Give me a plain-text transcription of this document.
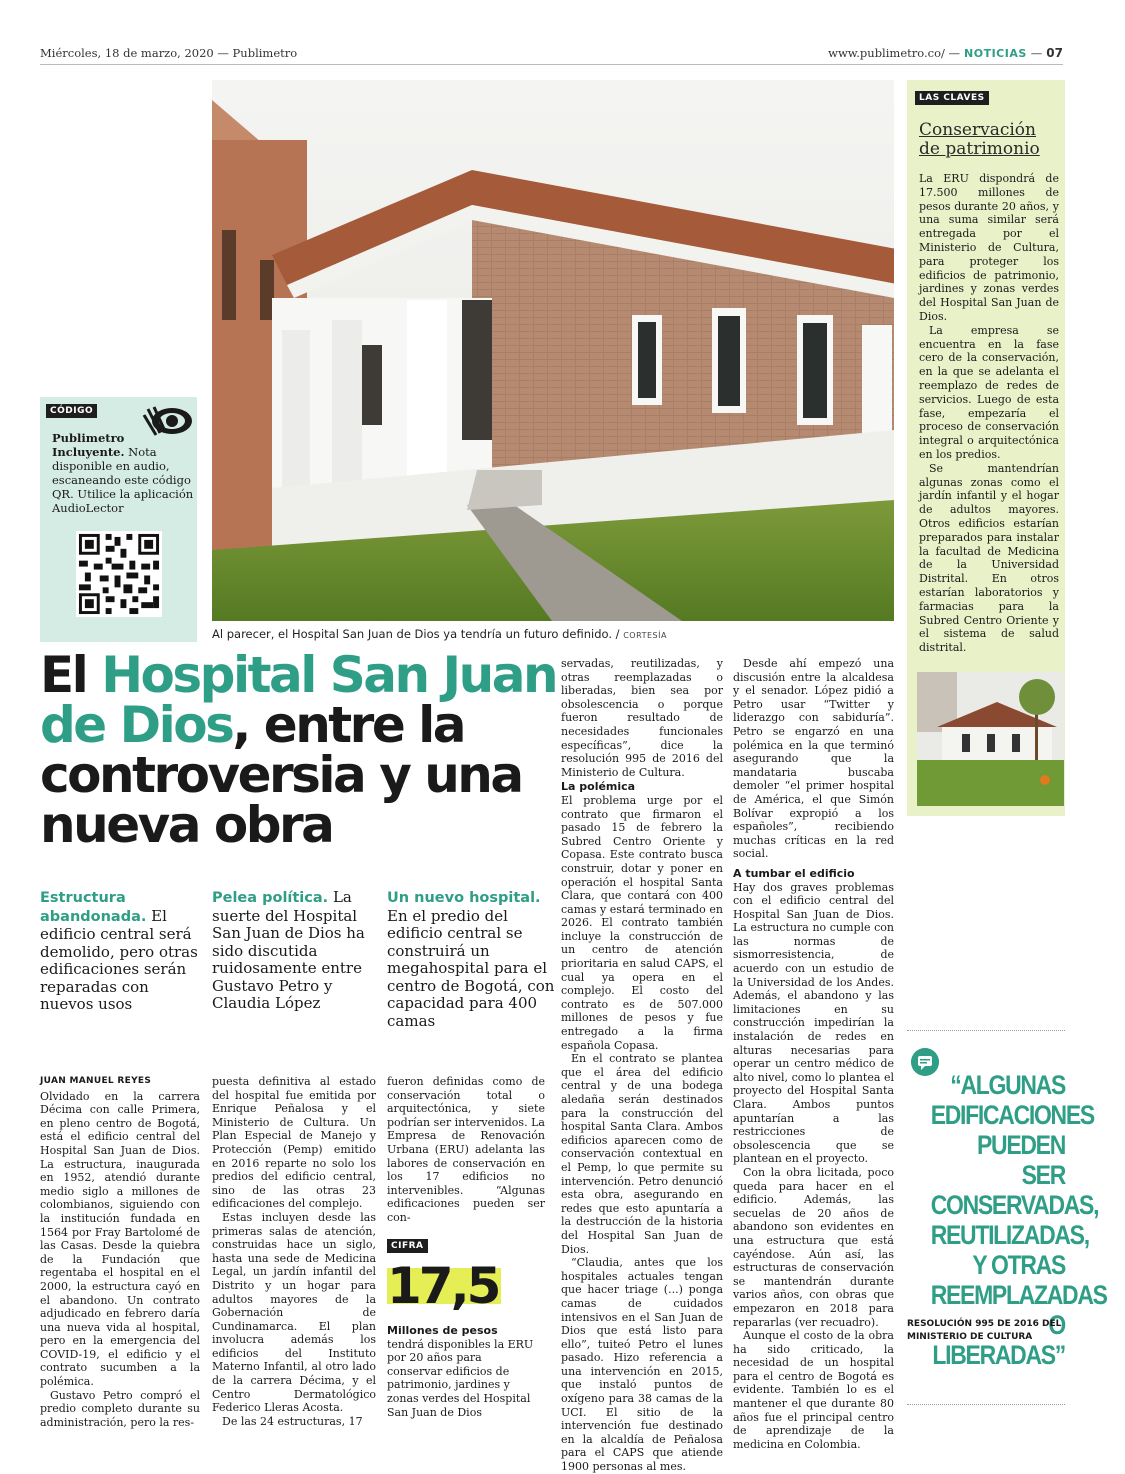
Miércoles, 18 de marzo, 2020 — Publimetro	www.publimetro.co/ — NOTICIAS — 07
Al parecer, el Hospital San Juan de Dios ya tendría un futuro definido. / CORTESÍA
CÓDIGO
Publimetro Incluyente. Nota disponible en audio, escaneando este código QR. Utilice la aplicación AudioLector
LAS CLAVES
Conservación de patrimonio

La ERU dispondrá de 17.500 millones de pesos durante 20 años, y una suma similar será entregada por el Ministerio de Cultura, para proteger los edificios de patrimonio, jardines y zonas verdes del Hospital San Juan de Dios.

La empresa se encuentra en la fase cero de la conservación, en la que se adelanta el reemplazo de redes de servicios. Luego de esta fase, empezaría el proceso de conservación integral o arquitectónica en los predios.

Se mantendrían algunas zonas como el jardín infantil y el hogar de adultos mayores. Otros edificios estarían preparados para instalar la facultad de Medicina de la Universidad Distrital. En otros estarían laboratorios y farmacias para la Subred Centro Oriente y el sistema de salud distrital.

El Hospital San Juan de Dios, entre la controversia y una nueva obra
Estructura abandonada. El edificio central será demolido, pero otras edificaciones serán reparadas con nuevos usos
Pelea política. La suerte del Hospital San Juan de Dios ha sido discutida ruidosamente entre Gustavo Petro y Claudia López
Un nuevo hospital. En el predio del edificio central se construirá un megahospital para el centro de Bogotá, con capacidad para 400 camas
JUAN MANUEL REYES

Olvidado en la carrera Décima con calle Primera, en pleno centro de Bogotá, está el edificio central del Hospital San Juan de Dios. La estructura, inaugurada en 1952, atendió durante medio siglo a millones de colombianos, siguiendo con la institución fundada en 1564 por Fray Bartolomé de las Casas. Desde la quiebra de la Fundación que regentaba el hospital en el 2000, la estructura cayó en el abandono. Un contrato adjudicado en febrero daría una nueva vida al hospital, pero en la emergencia del COVID-19, el edificio y el contrato sucumben a la polémica.

Gustavo Petro compró el predio completo durante su administración, pero la res-

puesta definitiva al estado del hospital fue emitida por Enrique Peñalosa y el Ministerio de Cultura. Un Plan Especial de Manejo y Protección (Pemp) emitido en 2016 reparte no solo los predios del edificio central, sino de las otras 23 edificaciones del complejo.

Estas incluyen desde las primeras salas de atención, construidas hace un siglo, hasta una sede de Medicina Legal, un jardín infantil del Distrito y un hogar para adultos mayores de la Gobernación de Cundinamarca. El plan involucra además los edificios del Instituto Materno Infantil, al otro lado de la carrera Décima, y el Centro Dermatológico Federico Lleras Acosta.

De las 24 estructuras, 17

fueron definidas como de conservación total o arquitectónica, y siete podrían ser intervenidos. La Empresa de Renovación Urbana (ERU) adelanta las labores de conservación en los 17 edificios no intervenibles. “Algunas edificaciones pueden ser con-

servadas, reutilizadas, y otras reemplazadas o liberadas, bien sea por obsolescencia o porque fueron resultado de necesidades funcionales específicas”, dice la resolución 995 de 2016 del Ministerio de Cultura.

La polémica

El problema urge por el contrato que firmaron el pasado 15 de febrero la Subred Centro Oriente y Copasa. Este contrato busca construir, dotar y poner en operación el hospital Santa Clara, que contará con 400 camas y estará terminado en 2026. El contrato también incluye la construcción de un centro de atención prioritaria en salud CAPS, el cual ya opera en el complejo. El costo del contrato es de 507.000 millones de pesos y fue entregado a la firma española Copasa.

En el contrato se plantea que el área del edificio central y de una bodega aledaña serán destinados para la construcción del hospital Santa Clara. Ambos edificios aparecen como de conservación contextual en el Pemp, lo que permite su intervención. Petro denunció esta obra, asegurando en redes que esto apuntaría a la destrucción de la historia del Hospital San Juan de Dios.

“Claudia, antes que los hospitales actuales tengan que hacer triage (...) ponga camas de cuidados intensivos en el San Juan de Dios que está listo para ello”, tuiteó Petro el lunes pasado. Hizo referencia a una intervención en 2015, que instaló puntos de oxígeno para 38 camas de la UCI. El sitio de la intervención fue destinado en la alcaldía de Peñalosa para el CAPS que atiende 1900 personas al mes.

Desde ahí empezó una discusión entre la alcaldesa y el senador. López pidió a Petro usar “Twitter y liderazgo con sabiduría”. Petro se engarzó en una polémica en la que terminó asegurando que la mandataria buscaba demoler “el primer hospital de América, el que Simón Bolívar expropió a los españoles”, recibiendo muchas críticas en la red social.

A tumbar el edificio

Hay dos graves problemas con el edificio central del Hospital San Juan de Dios. La estructura no cumple con las normas de sismorresistencia, de acuerdo con un estudio de la Universidad de los Andes. Además, el abandono y las limitaciones en su construcción impedirían la instalación de redes en alturas necesarias para operar un centro médico de alto nivel, como lo plantea el proyecto del Hospital Santa Clara. Ambos puntos apuntarían a las restricciones de obsolescencia que se plantean en el proyecto.

Con la obra licitada, poco queda para hacer en el edificio. Además, las secuelas de 20 años de abandono son evidentes en una estructura que está cayéndose. Aún así, las estructuras de conservación se mantendrán durante varios años, con obras que empezaron en 2018 para repararlas (ver recuadro).

Aunque el costo de la obra ha sido criticado, la necesidad de un hospital para el centro de Bogotá es evidente. También lo es el mantener el que durante 80 años fue el principal centro de aprendizaje de la medicina en Colombia.

CIFRA
17,5
Millones de pesos tendrá disponibles la ERU por 20 años para conservar edificios de patrimonio, jardines y zonas verdes del Hospital San Juan de Dios
“ALGUNAS EDIFICACIONES PUEDEN SER CONSERVADAS, REUTILIZADAS, Y OTRAS REEMPLAZADAS O LIBERADAS”
RESOLUCIÓN 995 DE 2016 DEL MINISTERIO DE CULTURA
